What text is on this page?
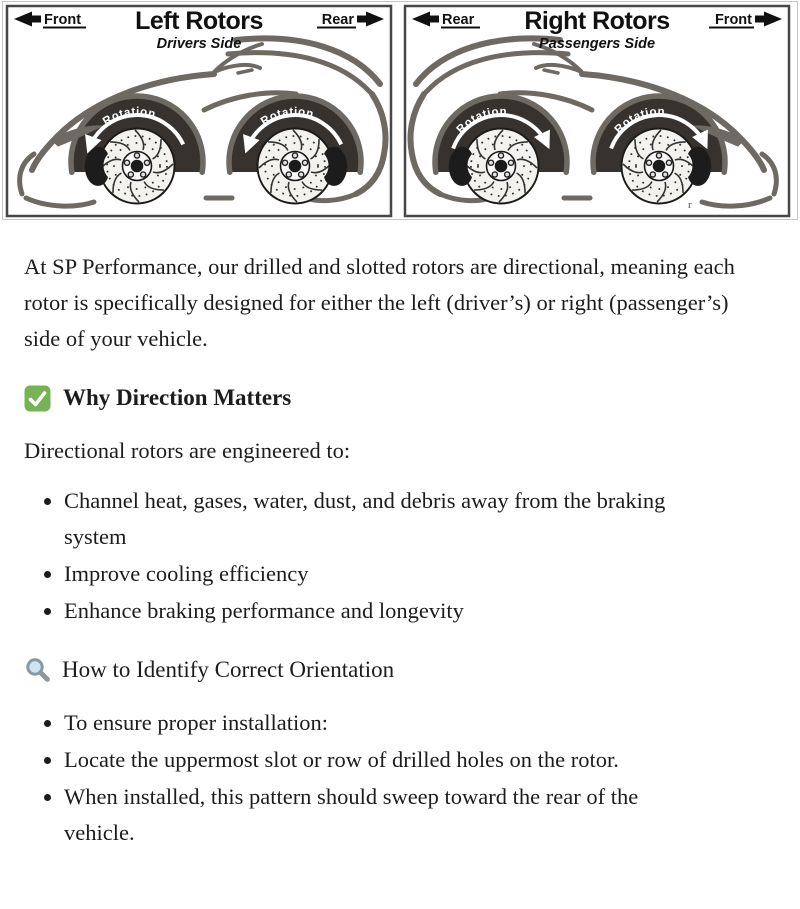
Rotation	Rotation
Front Left Rotors
Drivers Side
Rear
Rotation
Rotation
Rear Right Rotors
Passengers Side
Front
r

At SP Performance, our drilled and slotted rotors are directional, meaning each rotor is specifically designed for either the left (driver’s) or right (passenger’s) side of your vehicle.

Why Direction Matters

Directional rotors are engineered to:

• Channel heat, gases, water, dust, and debris away from the braking system
• Improve cooling efficiency
• Enhance braking performance and longevity
How to Identify Correct Orientation
• To ensure proper installation:
• Locate the uppermost slot or row of drilled holes on the rotor.
• When installed, this pattern should sweep toward the rear of the vehicle.
